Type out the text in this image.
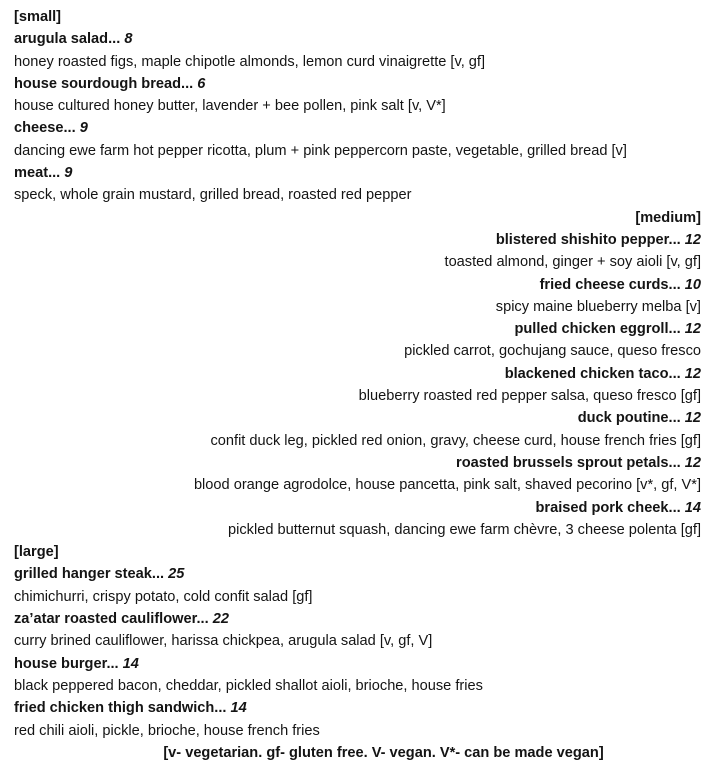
[small]
arugula salad... 8
honey roasted figs, maple chipotle almonds, lemon curd vinaigrette [v, gf]
house sourdough bread... 6
house cultured honey butter, lavender + bee pollen, pink salt [v, V*]
cheese... 9
dancing ewe farm hot pepper ricotta, plum + pink peppercorn paste, vegetable, grilled bread [v]
meat... 9
speck, whole grain mustard, grilled bread, roasted red pepper
[medium]
blistered shishito pepper... 12
toasted almond, ginger + soy aioli [v, gf]
fried cheese curds... 10
spicy maine blueberry melba [v]
pulled chicken eggroll... 12
pickled carrot, gochujang sauce, queso fresco
blackened chicken taco... 12
blueberry roasted red pepper salsa, queso fresco [gf]
duck poutine... 12
confit duck leg, pickled red onion, gravy, cheese curd, house french fries [gf]
roasted brussels sprout petals... 12
blood orange agrodolce, house pancetta, pink salt, shaved pecorino [v*, gf, V*]
braised pork cheek... 14
pickled butternut squash, dancing ewe farm chèvre, 3 cheese polenta [gf]
[large]
grilled hanger steak... 25
chimichurri, crispy potato, cold confit salad [gf]
za’atar roasted cauliflower... 22
curry brined cauliflower, harissa chickpea, arugula salad [v, gf, V]
house burger... 14
black peppered bacon, cheddar, pickled shallot aioli, brioche, house fries
fried chicken thigh sandwich... 14
red chili aioli, pickle, brioche, house french fries
[v- vegetarian. gf- gluten free. V- vegan. V*- can be made vegan]
